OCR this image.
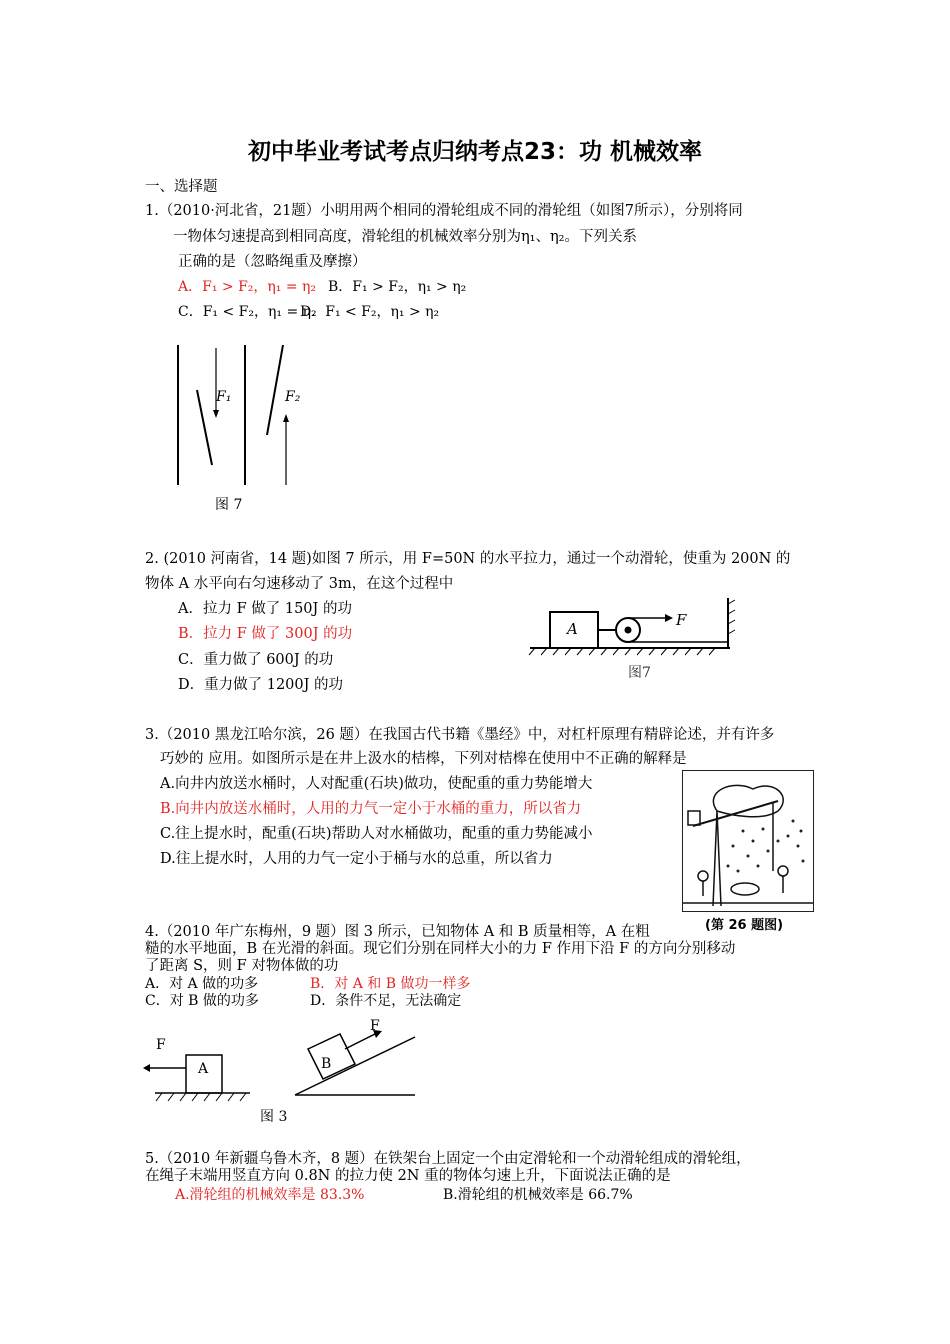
初中毕业考试考点归纳考点23：功 机械效率
一、选择题
1.（2010·河北省，21题）小明用两个相同的滑轮组成不同的滑轮组（如图7所示），分别将同
一物体匀速提高到相同高度，滑轮组的机械效率分别为η₁、η₂。下列关系
正确的是（忽略绳重及摩擦）
A．F₁ > F₂，η₁ = η₂ B．F₁ > F₂，η₁ > η₂
C．F₁ < F₂，η₁ = η₂
D．F₁ < F₂，η₁ > η₂
F₁	F₂
图 7
2. (2010 河南省，14 题)如图 7 所示，用 F=50N 的水平拉力，通过一个动滑轮，使重为 200N 的
物体 A 水平向右匀速移动了 3m，在这个过程中
A．拉力 F 做了 150J 的功
B．拉力 F 做了 300J 的功
C．重力做了 600J 的功
D．重力做了 1200J 的功
A	F
图7
3.（2010 黑龙江哈尔滨，26 题）在我国古代书籍《墨经》中，对杠杆原理有精辟论述，并有许多
巧妙的 应用。如图所示是在井上汲水的桔槔，下列对桔槔在使用中不正确的解释是
A.向井内放送水桶时，人对配重(石块)做功，使配重的重力势能增大
B.向井内放送水桶时，人用的力气一定小于水桶的重力，所以省力
C.往上提水时，配重(石块)帮助人对水桶做功，配重的重力势能减小
D.往上提水时，人用的力气一定小于桶与水的总重，所以省力
(第 26 题图)
4.（2010 年广东梅州，9 题）图 3 所示，已知物体 A 和 B 质量相等，A 在粗
糙的水平地面，B 在光滑的斜面。现它们分别在同样大小的力 F 作用下沿 F 的方向分别移动
了距离 S，则 F 对物体做的功
A．对 A 做的功多	B．对 A 和 B 做功一样多
C．对 B 做的功多	D．条件不足，无法确定
F
A
F
B
图 3
5.（2010 年新疆乌鲁木齐，8 题）在铁架台上固定一个由定滑轮和一个动滑轮组成的滑轮组，
在绳子末端用竖直方向 0.8N 的拉力使 2N 重的物体匀速上升，下面说法正确的是
A.滑轮组的机械效率是 83.3%	B.滑轮组的机械效率是 66.7%
